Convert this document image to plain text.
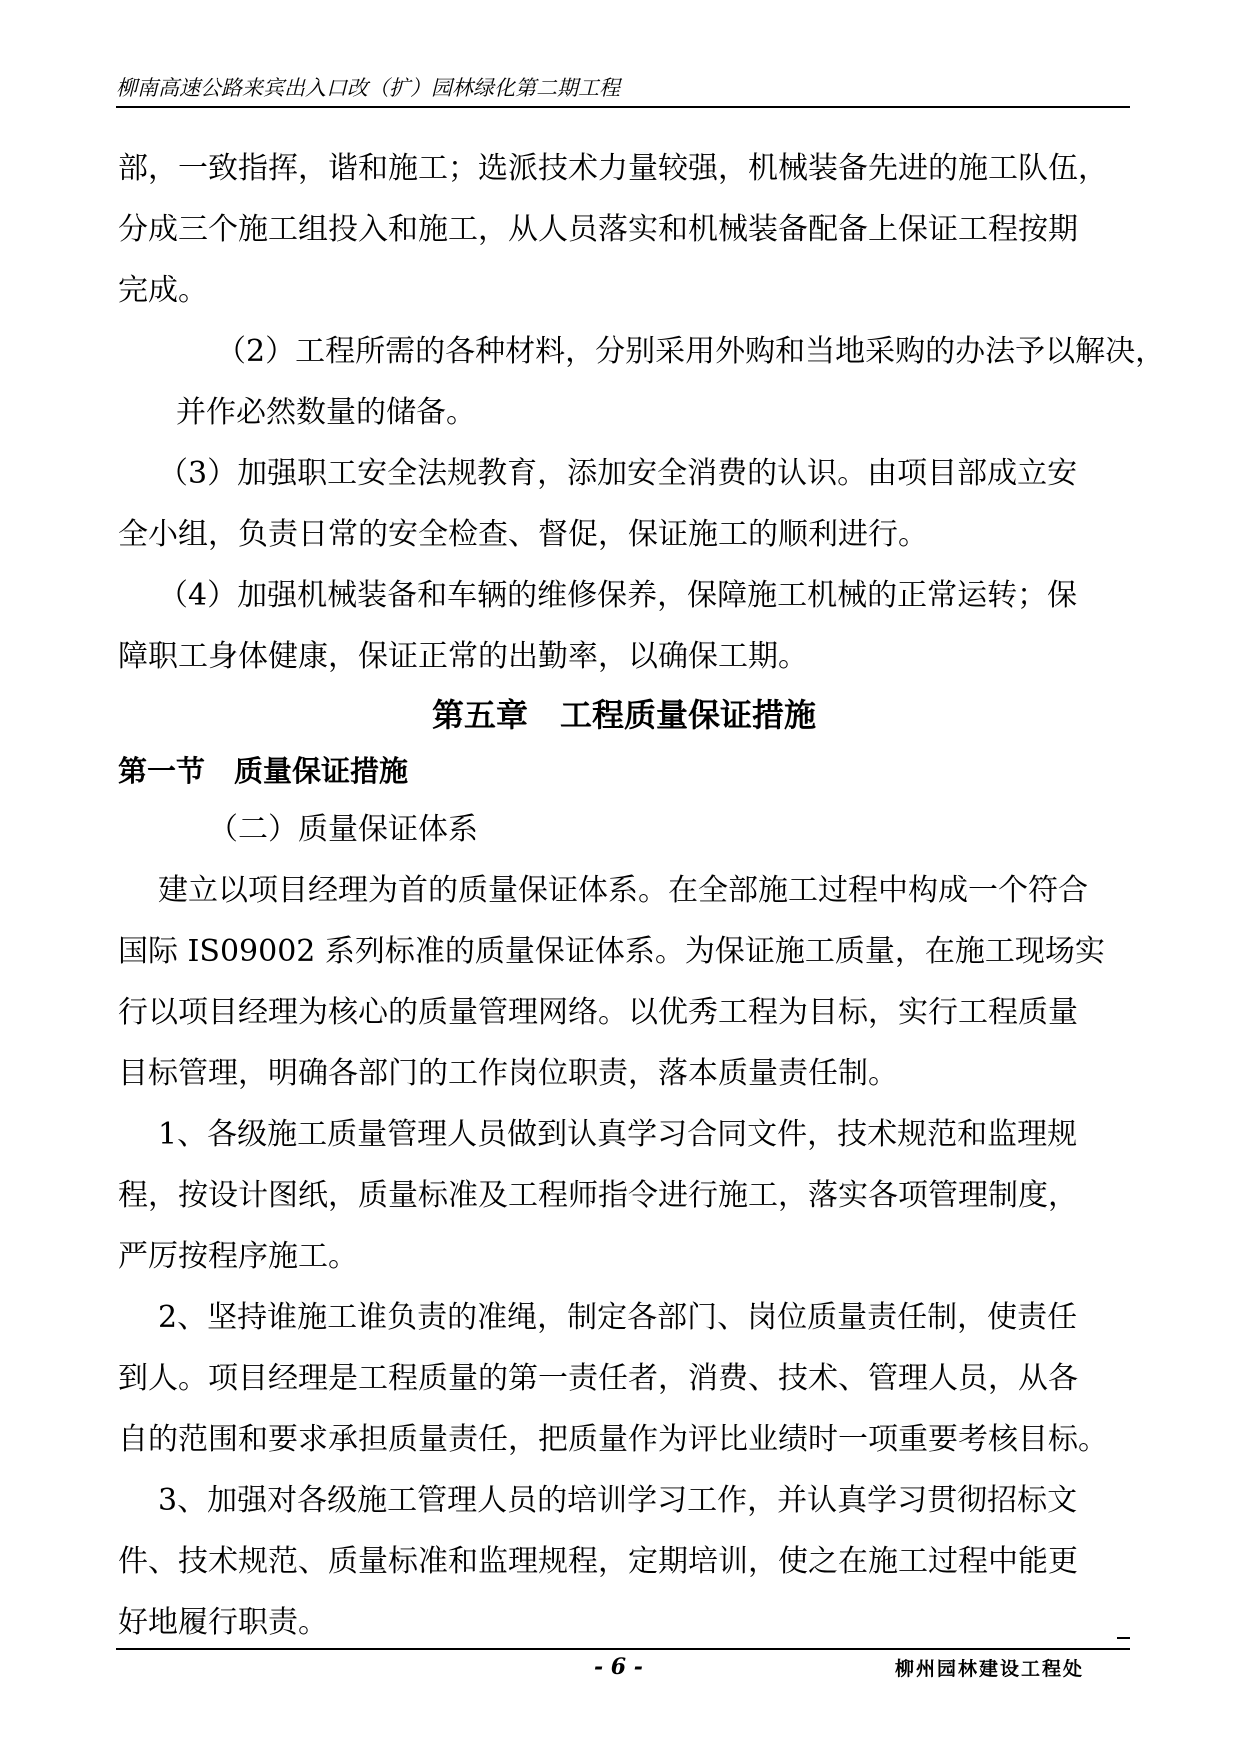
柳南高速公路来宾出入口改（扩）园林绿化第二期工程

部，一致指挥，谐和施工；选派技术力量较强，机械装备先进的施工队伍，
分成三个施工组投入和施工，从人员落实和机械装备配备上保证工程按期
完成。

（2）工程所需的各种材料，分别采用外购和当地采购的办法予以解决，
并作必然数量的储备。

（3）加强职工安全法规教育，添加安全消费的认识。由项目部成立安
全小组，负责日常的安全检查、督促，保证施工的顺利进行。

（4）加强机械装备和车辆的维修保养，保障施工机械的正常运转；保
障职工身体健康，保证正常的出勤率，以确保工期。

第五章　工程质量保证措施
第一节　质量保证措施

（二）质量保证体系

建立以项目经理为首的质量保证体系。在全部施工过程中构成一个符合
国际 IS09002 系列标准的质量保证体系。为保证施工质量，在施工现场实
行以项目经理为核心的质量管理网络。以优秀工程为目标，实行工程质量
目标管理，明确各部门的工作岗位职责，落本质量责任制。

1、各级施工质量管理人员做到认真学习合同文件，技术规范和监理规
程，按设计图纸，质量标准及工程师指令进行施工，落实各项管理制度，
严厉按程序施工。

2、坚持谁施工谁负责的准绳，制定各部门、岗位质量责任制，使责任
到人。项目经理是工程质量的第一责任者，消费、技术、管理人员，从各
自的范围和要求承担质量责任，把质量作为评比业绩时一项重要考核目标。

3、加强对各级施工管理人员的培训学习工作，并认真学习贯彻招标文
件、技术规范、质量标准和监理规程，定期培训，使之在施工过程中能更
好地履行职责。

- 6 -	柳州园林建设工程处
